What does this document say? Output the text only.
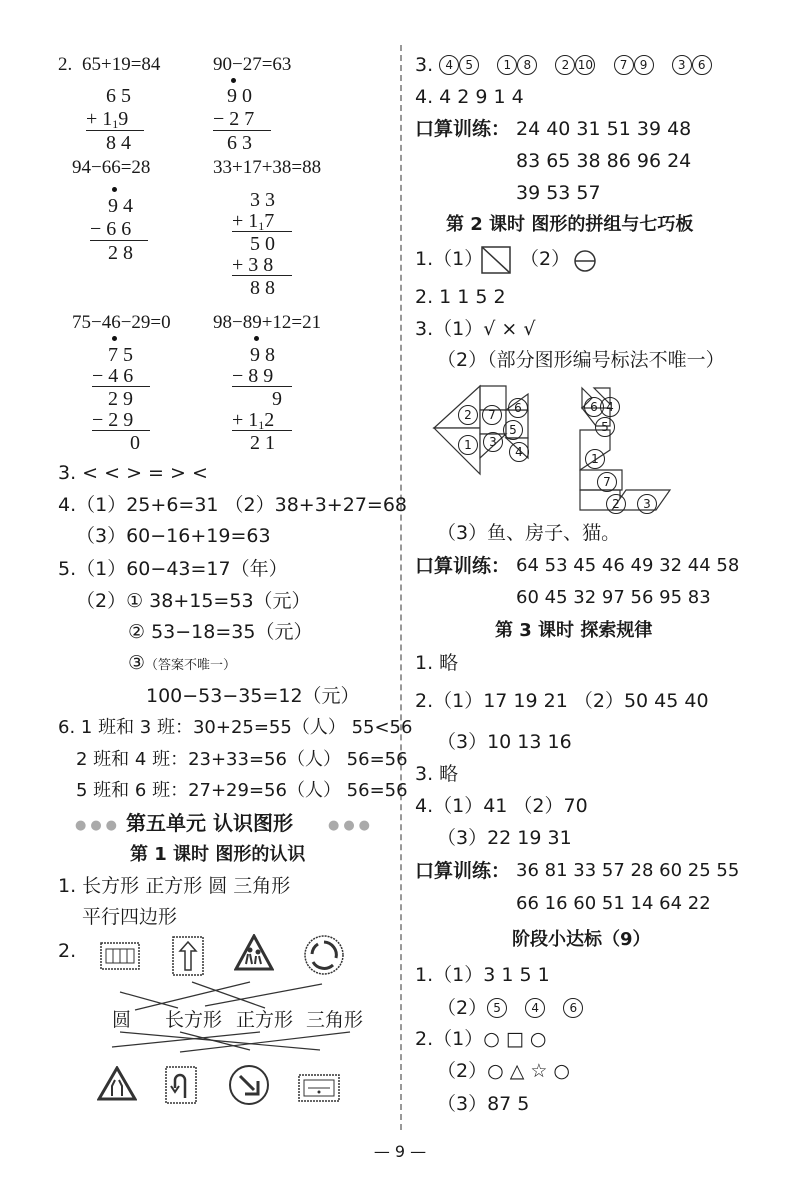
2. 65+19=84	90−27=63
6 5
+ $1_19$
8 4
9 0
− 2 7
6 3
94−66=28	33+17+38=88
9 4
− 6 6
2 8
3 3
+ $1_17$
5 0
+ 3 8
8 8
75−46−29=0 98−89+12=21
7 5
− 4 6
2 9
− 2 9
0
9 8
− 8 9
9
+ $1_12$
2 1
3. < < > = > <
4.（1）25+6=31 （2）38+3+27=68
（3）60−16+19=63
5.（1）60−43=17（年）
（2）① 38+15=53（元）
② 53−18=35（元）
③（答案不唯一）
100−53−35=12（元）
6. 1 班和 3 班：30+25=55（人） 55<56
2 班和 4 班：23+33=56（人） 56=56
5 班和 6 班：27+29=56（人） 56=56
●●● 第五单元 认识图形	●●●
第 1 课时 图形的认识
1. 长方形 正方形 圆 三角形
平行四边形
2.
圆 长方形 正方形 三角形
3. 4 5	1 8	2 10 7 9	3 6
4. 4 2 9 1 4
口算训练： 24 40 31 51 39 48
83 65 38 86 96 24
39 53 57
第 2 课时 图形的拼组与七巧板
1.（1） （2）
2. 1 1 5 2
3.（1）√ × √
（2）（部分图形编号标法不唯一）
2	7	6
5
1	3
4
6 4
5
1
7
2	3
（3）鱼、房子、猫。
口算训练： 64 53 45 46 49 32 44 58
60 45 32 97 56 95 83
第 3 课时 探索规律
1. 略
2.（1）17 19 21 （2）50 45 40
（3）10 13 16
3. 略
4.（1）41 （2）70
（3）22 19 31
口算训练： 36 81 33 57 28 60 25 55
66 16 60 51 14 64 22
阶段小达标（9）
1.（1）3 1 5 1
（2） 5	4	6
2.（1）○ □ ○
（2）○ △ ☆ ○
（3）87 5
— 9 —
